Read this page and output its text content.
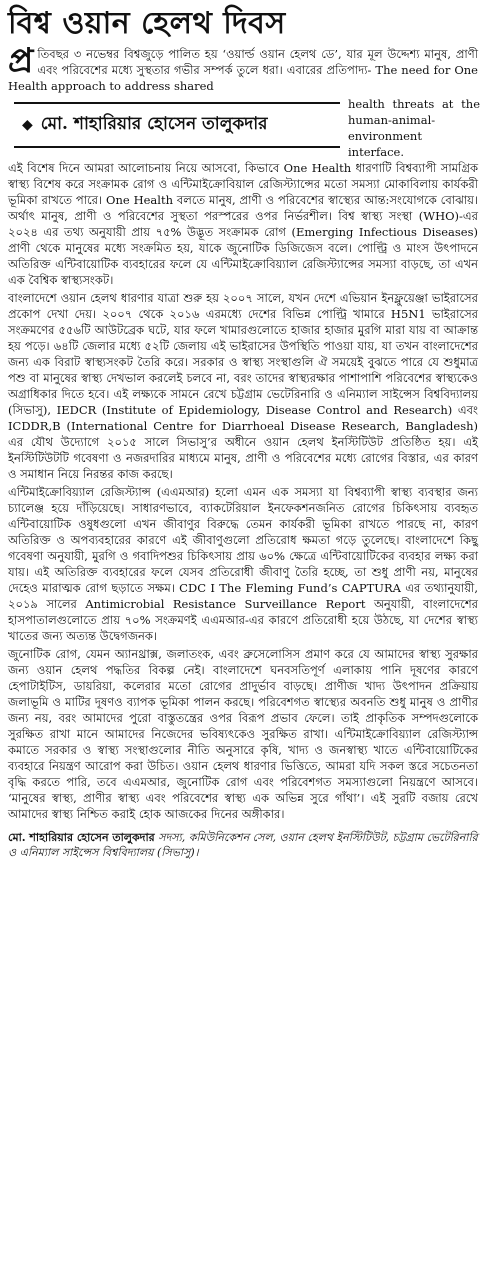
বিশ্ব ওয়ান হেলথ দিবস
প্র তিবছর ৩ নভেম্বর বিশ্বজুড়ে পালিত হয় ‘ওয়ার্ল্ড ওয়ান হেলথ ডে’, যার মূল উদ্দেশ্য মানুষ, প্রাণী এবং পরিবেশের মধ্যে সুস্থতার গভীর সম্পর্ক তুলে ধরা। এবারের প্রতিপাদ্য- The need for One Health approach to address shared
◆ মো. শাহারিয়ার হোসেন তালুকদার
health threats at the human-animal-environment interface.

এই বিশেষ দিনে আমরা আলোচনায় নিয়ে আসবো, কিভাবে One Health ধারণাটি বিশ্বব্যাপী সামগ্রিক স্বাস্থ্য বিশেষ করে সংক্রামক রোগ ও এন্টিমাইক্রোবিয়াল রেজিস্ট্যান্সের মতো সমস্যা মোকাবিলায় কার্যকরী ভূমিকা রাখতে পারে। One Health বলতে মানুষ, প্রাণী ও পরিবেশের স্বাস্থ্যের আন্ত:সংযোগকে বোঝায়। অর্থাৎ মানুষ, প্রাণী ও পরিবেশের সুস্থতা পরস্পরের ওপর নির্ভরশীল। বিশ্ব স্বাস্থ্য সংস্থা (WHO)-এর ২০২৪ এর তথ্য অনুযায়ী প্রায় ৭৫% উদ্ভূত সংক্রামক রোগ (Emerging Infectious Diseases) প্রাণী থেকে মানুষের মধ্যে সংক্রমিত হয়, যাকে জুনোটিক ডিজিজেস বলে। পোল্ট্রি ও মাংস উৎপাদনে অতিরিক্ত এন্টিবায়োটিক ব্যবহারের ফলে যে এন্টিমাইক্রোবিয়্যাল রেজিস্ট্যান্সের সমস্যা বাড়ছে, তা এখন এক বৈশ্বিক স্বাস্থ্যসংকট।

বাংলাদেশে ওয়ান হেলথ ধারণার যাত্রা শুরু হয় ২০০৭ সালে, যখন দেশে এভিয়ান ইনফ্লুয়েঞ্জা ভাইরাসের প্রকোপ দেখা দেয়। ২০০৭ থেকে ২০১৬ এরমধ্যে দেশের বিভিন্ন পোল্ট্রি খামারে H5N1 ভাইরাসের সংক্রমণের ৫৫৬টি আউটব্রেক ঘটে, যার ফলে খামারগুলোতে হাজার হাজার মুরগি মারা যায় বা আক্রান্ত হয় পড়ে। ৬৪টি জেলার মধ্যে ৫২টি জেলায় এই ভাইরাসের উপস্থিতি পাওয়া যায়, যা তখন বাংলাদেশের জন্য এক বিরাট স্বাস্থ্যসংকট তৈরি করে। সরকার ও স্বাস্থ্য সংস্থাগুলি ঐ সময়েই বুঝতে পারে যে শুধুমাত্র পশু বা মানুষের স্বাস্থ্য দেখভাল করলেই চলবে না, বরং তাদের স্বাস্থ্যরক্ষার পাশাপাশি পরিবেশের স্বাস্থ্যকেও অগ্রাধিকার দিতে হবে। এই লক্ষ্যকে সামনে রেখে চট্টগ্রাম ভেটেরিনারি ও এনিম্যাল সাইন্সেস বিশ্ববিদ্যালয় (সিভাসু), IEDCR (Institute of Epidemiology, Disease Control and Research) এবং ICDDR,B (International Centre for Diarrhoeal Disease Research, Bangladesh) এর যৌথ উদ্যোগে ২০১৫ সালে সিভাসু’র অধীনে ওয়ান হেলথ ইনস্টিটিউট প্রতিষ্ঠিত হয়। এই ইনস্টিটিউটটি গবেষণা ও নজরদারির মাধ্যমে মানুষ, প্রাণী ও পরিবেশের মধ্যে রোগের বিস্তার, এর কারণ ও সমাধান নিয়ে নিরন্তর কাজ করছে।

এন্টিমাইক্রোবিয়্যাল রেজিস্ট্যান্স (এএমআর) হলো এমন এক সমস্যা যা বিশ্বব্যাপী স্বাস্থ্য ব্যবস্থার জন্য চ্যালেঞ্জ হয়ে দাঁড়িয়েছে। সাধারণভাবে, ব্যাকটেরিয়াল ইনফেকশনজনিত রোগের চিকিৎসায় ব্যবহৃত এন্টিবায়োটিক ওষুধগুলো এখন জীবাণুর বিরুদ্ধে তেমন কার্যকরী ভূমিকা রাখতে পারছে না, কারণ অতিরিক্ত ও অপব্যবহারের কারণে এই জীবাণুগুলো প্রতিরোধ ক্ষমতা গড়ে তুলেছে। বাংলাদেশে কিছু গবেষণা অনুযায়ী, মুরগি ও গবাদিপশুর চিকিৎসায় প্রায় ৬০% ক্ষেত্রে এন্টিবায়োটিকের ব্যবহার লক্ষ্য করা যায়। এই অতিরিক্ত ব্যবহারের ফলে যেসব প্রতিরোধী জীবাণু তৈরি হচ্ছে, তা শুধু প্রাণী নয়, মানুষের দেহেও মারাত্মক রোগ ছড়াতে সক্ষম। CDC I The Fleming Fund’s CAPTURA এর তথ্যানুযায়ী, ২০১৯ সালের Antimicrobial Resistance Surveillance Report অনুযায়ী, বাংলাদেশের হাসপাতালগুলোতে প্রায় ৭০% সংক্রমণই এএমআর-এর কারণে প্রতিরোধী হয়ে উঠছে, যা দেশের স্বাস্থ্য খাতের জন্য অত্যন্ত উদ্বেগজনক।

জুনোটিক রোগ, যেমন অ্যানথ্রাক্স, জলাতংক, এবং ব্রুসেলোসিস প্রমাণ করে যে আমাদের স্বাস্থ্য সুরক্ষার জন্য ওয়ান হেলথ পদ্ধতির বিকল্প নেই। বাংলাদেশে ঘনবসতিপূর্ণ এলাকায় পানি দূষণের কারণে হেপাটাইটিস, ডায়রিয়া, কলেরার মতো রোগের প্রাদুর্ভাব বাড়ছে। প্রাণীজ খাদ্য উৎপাদন প্রক্রিয়ায় জলাভূমি ও মাটির দূষণও ব্যাপক ভূমিকা পালন করছে। পরিবেশগত স্বাস্থ্যের অবনতি শুধু মানুষ ও প্রাণীর জন্য নয়, বরং আমাদের পুরো বাস্তুতন্ত্রের ওপর বিরূপ প্রভাব ফেলে। তাই প্রাকৃতিক সম্পদগুলোকে সুরক্ষিত রাখা মানে আমাদের নিজেদের ভবিষ্যৎকেও সুরক্ষিত রাখা। এন্টিমাইক্রোবিয়্যাল রেজিস্ট্যান্স কমাতে সরকার ও স্বাস্থ্য সংস্থাগুলোর নীতি অনুসারে কৃষি, খাদ্য ও জনস্বাস্থ্য খাতে এন্টিবায়োটিকের ব্যবহারে নিয়ন্ত্রণ আরোপ করা উচিত। ওয়ান হেলথ ধারণার ভিত্তিতে, আমরা যদি সকল স্তরে সচেতনতা বৃদ্ধি করতে পারি, তবে এএমআর, জুনোটিক রোগ এবং পরিবেশগত সমস্যাগুলো নিয়ন্ত্রণে আসবে। ‘মানুষের স্বাস্থ্য, প্রাণীর স্বাস্থ্য এবং পরিবেশের স্বাস্থ্য এক অভিন্ন সুরে গাঁথা’। এই সুরটি বজায় রেখে আমাদের স্বাস্থ্য নিশ্চিত করাই হোক আজকের দিনের অঙ্গীকার।

মো. শাহারিয়ার হোসেন তালুকদার সদস্য, কমিউনিকেশন সেল, ওয়ান হেলথ ইনস্টিটিউট, চট্টগ্রাম ভেটেরিনারি ও এনিম্যাল সাইন্সেস বিশ্ববিদ্যালয় (সিভাসু)।
